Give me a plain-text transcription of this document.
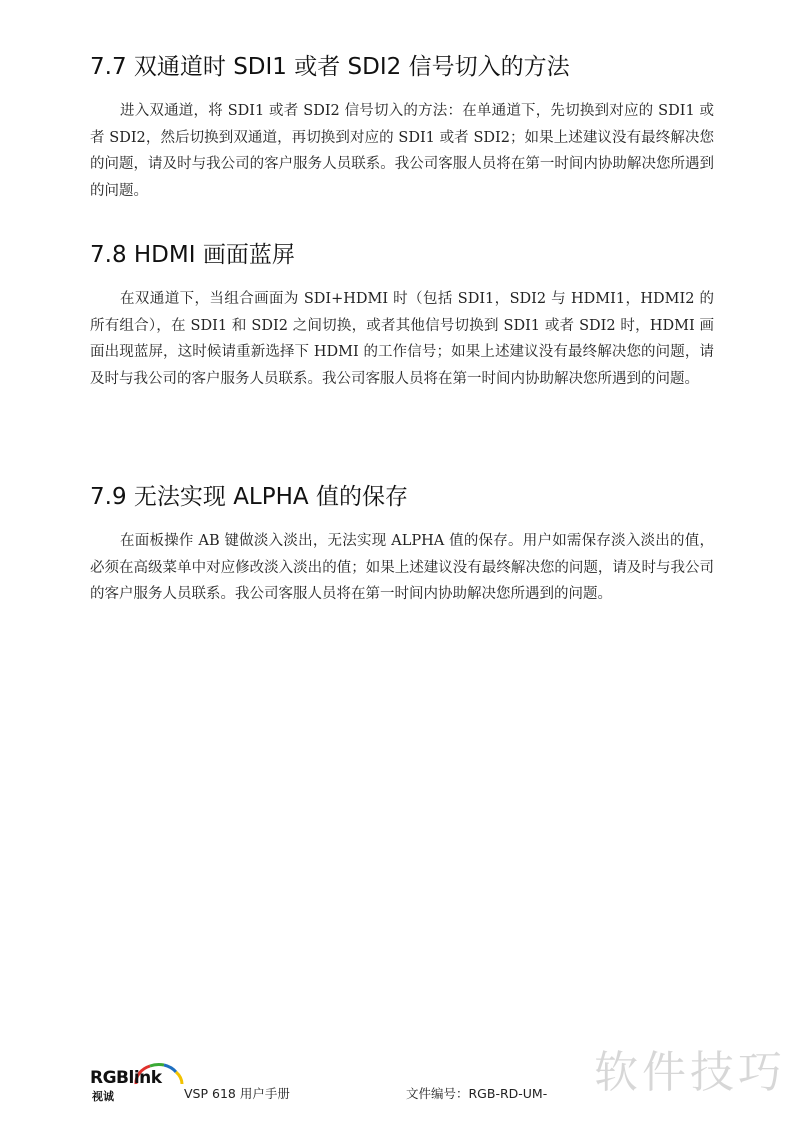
7.7 双通道时 SDI1 或者 SDI2 信号切入的方法

进入双通道，将 SDI1 或者 SDI2 信号切入的方法：在单通道下，先切换到对应的 SDI1 或者 SDI2，然后切换到双通道，再切换到对应的 SDI1 或者 SDI2；如果上述建议没有最终解决您的问题，请及时与我公司的客户服务人员联系。我公司客服人员将在第一时间内协助解决您所遇到的问题。

7.8 HDMI 画面蓝屏

在双通道下，当组合画面为 SDI+HDMI 时（包括 SDI1，SDI2 与 HDMI1，HDMI2 的所有组合），在 SDI1 和 SDI2 之间切换，或者其他信号切换到 SDI1 或者 SDI2 时，HDMI 画面出现蓝屏，这时候请重新选择下 HDMI 的工作信号；如果上述建议没有最终解决您的问题，请及时与我公司的客户服务人员联系。我公司客服人员将在第一时间内协助解决您所遇到的问题。

7.9 无法实现 ALPHA 值的保存

在面板操作 AB 键做淡入淡出，无法实现 ALPHA 值的保存。用户如需保存淡入淡出的值，必须在高级菜单中对应修改淡入淡出的值；如果上述建议没有最终解决您的问题，请及时与我公司的客户服务人员联系。我公司客服人员将在第一时间内协助解决您所遇到的问题。

RGBlink
视诚	VSP 618 用户手册	文件编号：RGB-RD-UM- 软件技巧
